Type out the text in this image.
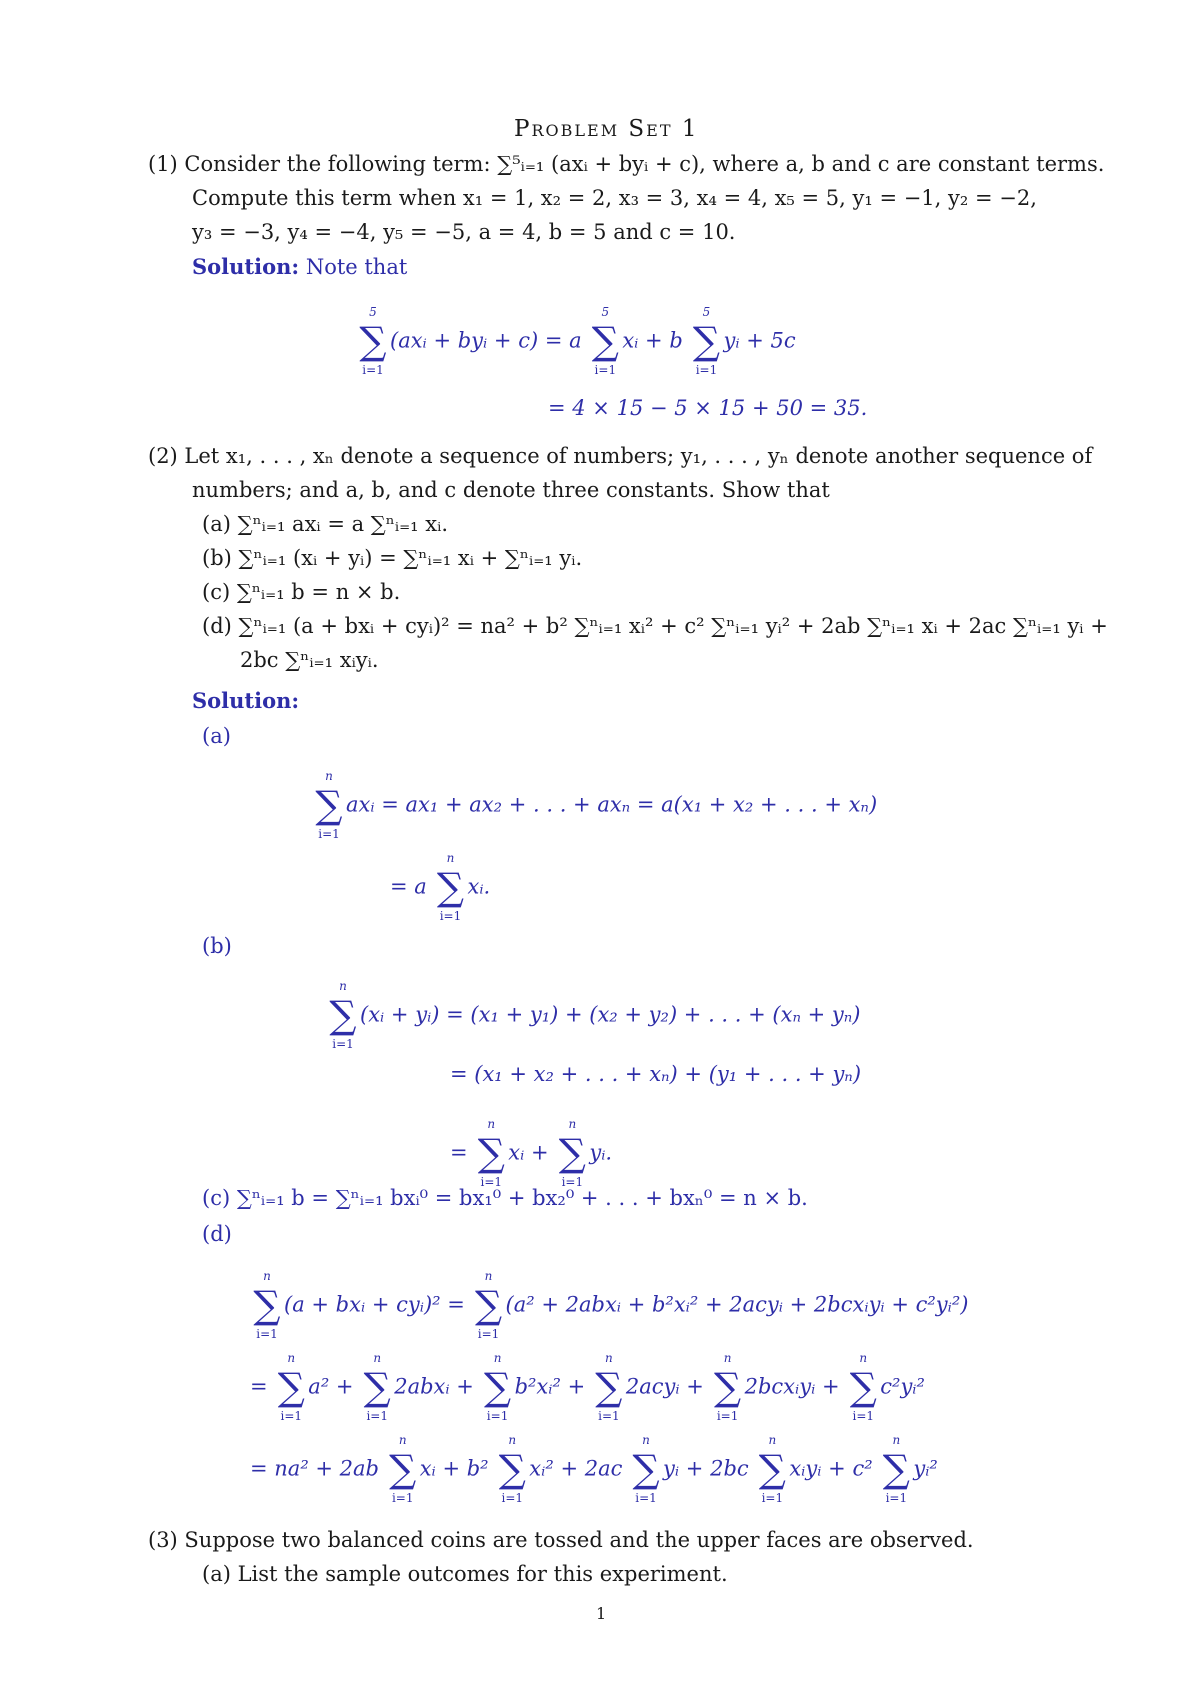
Problem Set 1
(1) Consider the following term: ∑⁵ᵢ₌₁ (axᵢ + byᵢ + c), where a, b and c are constant terms.
Compute this term when x₁ = 1, x₂ = 2, x₃ = 3, x₄ = 4, x₅ = 5, y₁ = −1, y₂ = −2,
y₃ = −3, y₄ = −4, y₅ = −5, a = 4, b = 5 and c = 10.
Solution: Note that
5
∑
i=1
(axᵢ + byᵢ + c) = a
5
∑
i=1
xᵢ + b
5
∑
i=1
yᵢ + 5c
= 4 × 15 − 5 × 15 + 50 = 35.
(2) Let x₁, . . . , xₙ denote a sequence of numbers; y₁, . . . , yₙ denote another sequence of
numbers; and a, b, and c denote three constants. Show that
(a) ∑ⁿᵢ₌₁ axᵢ = a ∑ⁿᵢ₌₁ xᵢ.
(b) ∑ⁿᵢ₌₁ (xᵢ + yᵢ) = ∑ⁿᵢ₌₁ xᵢ + ∑ⁿᵢ₌₁ yᵢ.
(c) ∑ⁿᵢ₌₁ b = n × b.
(d) ∑ⁿᵢ₌₁ (a + bxᵢ + cyᵢ)² = na² + b² ∑ⁿᵢ₌₁ xᵢ² + c² ∑ⁿᵢ₌₁ yᵢ² + 2ab ∑ⁿᵢ₌₁ xᵢ + 2ac ∑ⁿᵢ₌₁ yᵢ +
2bc ∑ⁿᵢ₌₁ xᵢyᵢ.
Solution:
(a)
n
∑
i=1
axᵢ = ax₁ + ax₂ + . . . + axₙ = a(x₁ + x₂ + . . . + xₙ)
= a
n
∑
i=1
xᵢ.
(b)
n
∑
i=1
(xᵢ + yᵢ) = (x₁ + y₁) + (x₂ + y₂) + . . . + (xₙ + yₙ)
= (x₁ + x₂ + . . . + xₙ) + (y₁ + . . . + yₙ)
=
n
∑
i=1
xᵢ +
n
∑
i=1
yᵢ.
(c) ∑ⁿᵢ₌₁ b = ∑ⁿᵢ₌₁ bxᵢ⁰ = bx₁⁰ + bx₂⁰ + . . . + bxₙ⁰ = n × b.
(d)
n
∑
i=1
(a + bxᵢ + cyᵢ)² =
n
∑
i=1
(a² + 2abxᵢ + b²xᵢ² + 2acyᵢ + 2bcxᵢyᵢ + c²yᵢ²)
=
n
∑
i=1
a² +
n
∑
i=1
2abxᵢ +
n
∑
i=1
b²xᵢ² +
n
∑
i=1
2acyᵢ +
n
∑
i=1
2bcxᵢyᵢ +
n
∑
i=1
c²yᵢ²
= na² + 2ab
n
∑
i=1
xᵢ + b²
n
∑
i=1
xᵢ² + 2ac
n
∑
i=1
yᵢ + 2bc
n
∑
i=1
xᵢyᵢ + c²
n
∑
i=1
yᵢ²
(3) Suppose two balanced coins are tossed and the upper faces are observed.
(a) List the sample outcomes for this experiment.
1
